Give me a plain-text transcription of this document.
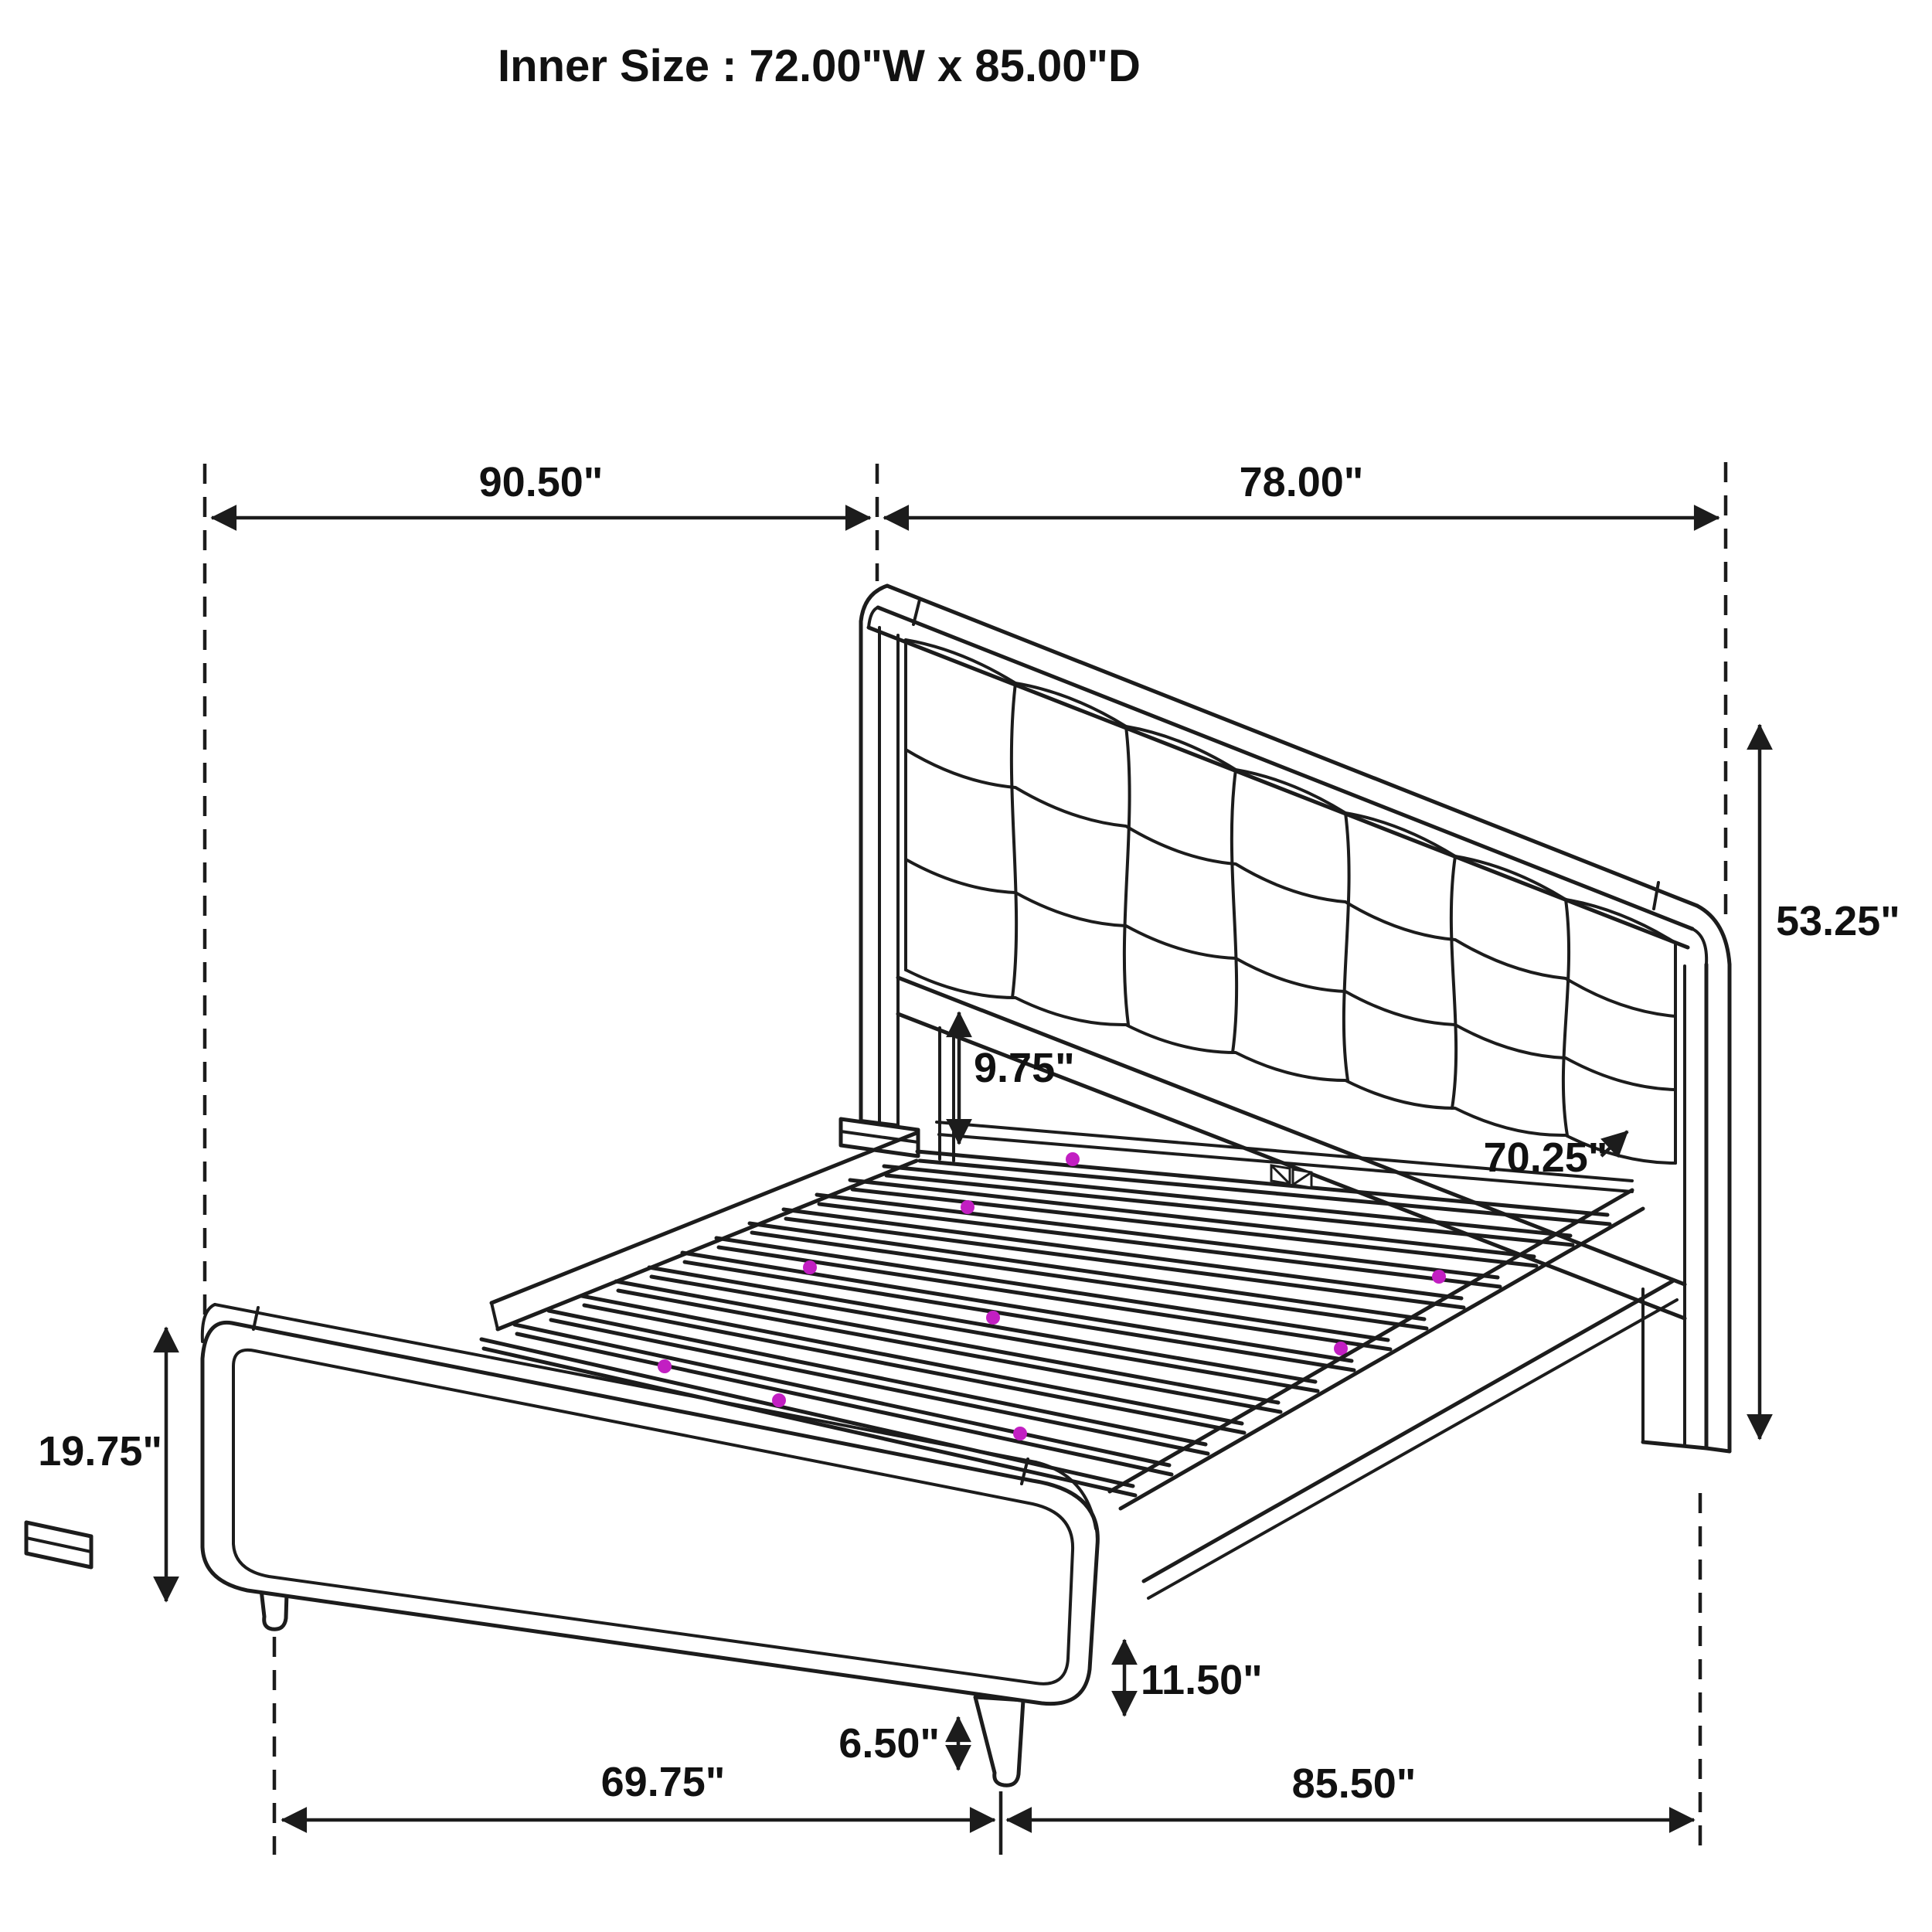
Inner Size : 72.00"W x 85.00"D
90.50"	78.00"
53.25"
9.75"
70.25"
19.75"
11.50"
6.50"
69.75"	85.50"
